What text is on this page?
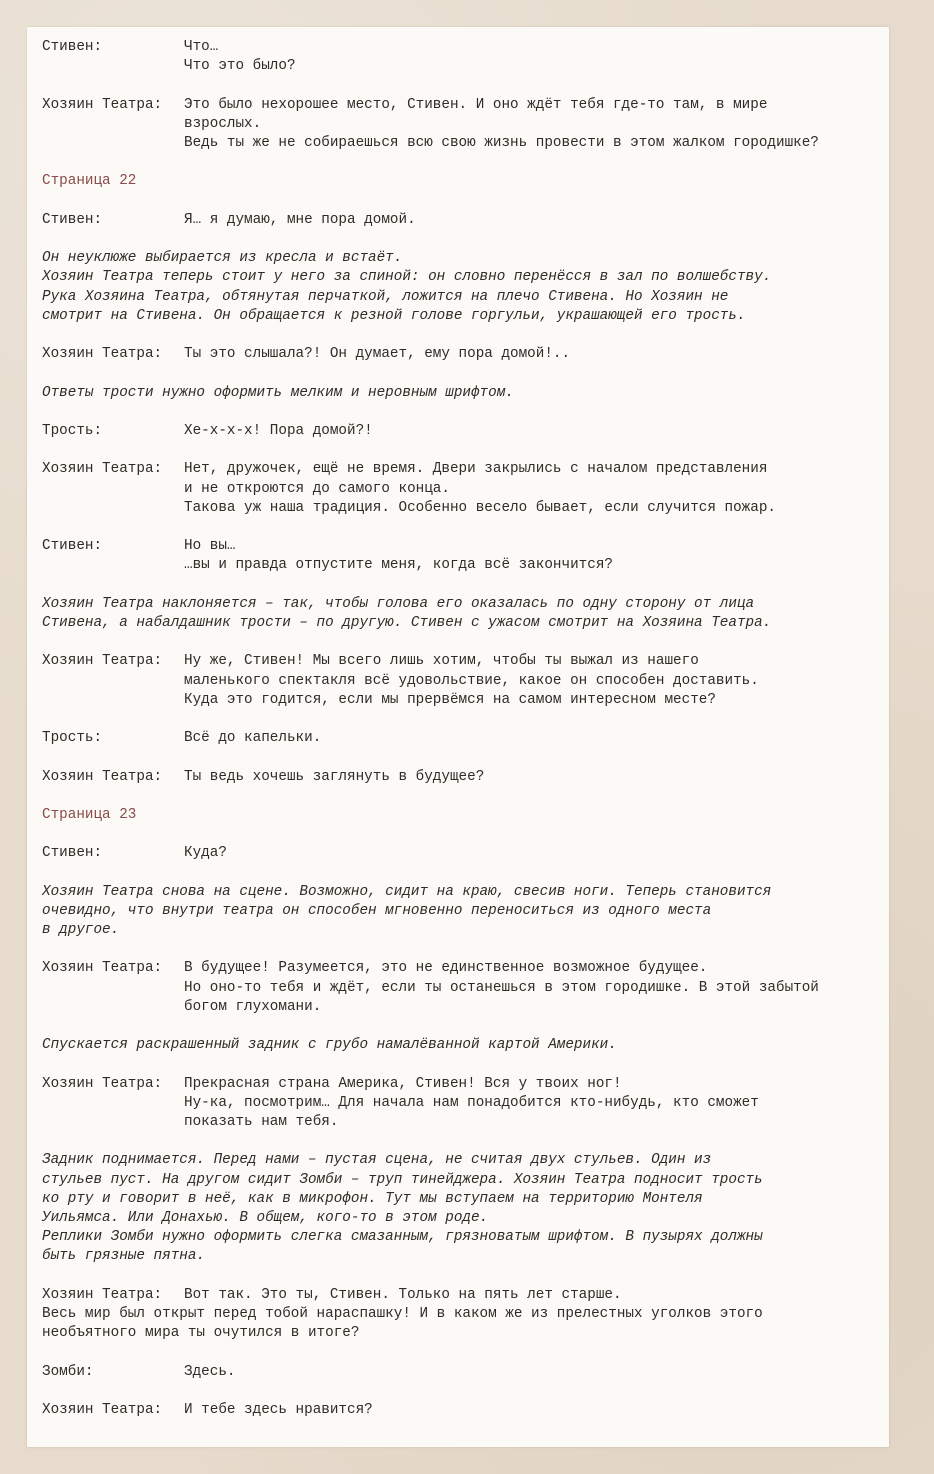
Стивен:	Что…
Что это было?
Хозяин Театра:	Это было нехорошее место, Стивен. И оно ждёт тебя где-то там, в мире
взрослых.
Ведь ты же не собираешься всю свою жизнь провести в этом жалком городишке?
Страница 22
Стивен:	Я… я думаю, мне пора домой.
Он неуклюже выбирается из кресла и встаёт.
Хозяин Театра теперь стоит у него за спиной: он словно перенёсся в зал по волшебству.
Рука Хозяина Театра, обтянутая перчаткой, ложится на плечо Стивена. Но Хозяин не
смотрит на Стивена. Он обращается к резной голове горгульи, украшающей его трость.
Хозяин Театра:	Ты это слышала?! Он думает, ему пора домой!..
Ответы трости нужно оформить мелким и неровным шрифтом.
Трость:	Хе-х-х-х! Пора домой?!
Хозяин Театра:	Нет, дружочек, ещё не время. Двери закрылись с началом представления
и не откроются до самого конца.
Такова уж наша традиция. Особенно весело бывает, если случится пожар.
Стивен:	Но вы…
…вы и правда отпустите меня, когда всё закончится?
Хозяин Театра наклоняется – так, чтобы голова его оказалась по одну сторону от лица
Стивена, а набалдашник трости – по другую. Стивен с ужасом смотрит на Хозяина Театра.
Хозяин Театра:	Ну же, Стивен! Мы всего лишь хотим, чтобы ты выжал из нашего
маленького спектакля всё удовольствие, какое он способен доставить.
Куда это годится, если мы прервёмся на самом интересном месте?
Трость:	Всё до капельки.
Хозяин Театра:	Ты ведь хочешь заглянуть в будущее?
Страница 23
Стивен:	Куда?
Хозяин Театра снова на сцене. Возможно, сидит на краю, свесив ноги. Теперь становится
очевидно, что внутри театра он способен мгновенно переноситься из одного места
в другое.
Хозяин Театра:	В будущее! Разумеется, это не единственное возможное будущее.
Но оно-то тебя и ждёт, если ты останешься в этом городишке. В этой забытой
богом глухомани.
Спускается раскрашенный задник с грубо намалёванной картой Америки.
Хозяин Театра:	Прекрасная страна Америка, Стивен! Вся у твоих ног!
Ну-ка, посмотрим… Для начала нам понадобится кто-нибудь, кто сможет
показать нам тебя.
Задник поднимается. Перед нами – пустая сцена, не считая двух стульев. Один из
стульев пуст. На другом сидит Зомби – труп тинейджера. Хозяин Театра подносит трость
ко рту и говорит в неё, как в микрофон. Тут мы вступаем на территорию Монтеля
Уильямса. Или Донахью. В общем, кого-то в этом роде.
Реплики Зомби нужно оформить слегка смазанным, грязноватым шрифтом. В пузырях должны
быть грязные пятна.
Хозяин Театра:	Вот так. Это ты, Стивен. Только на пять лет старше.
Весь мир был открыт перед тобой нараспашку! И в каком же из прелестных уголков этого
необъятного мира ты очутился в итоге?
Зомби:	Здесь.
Хозяин Театра:	И тебе здесь нравится?
